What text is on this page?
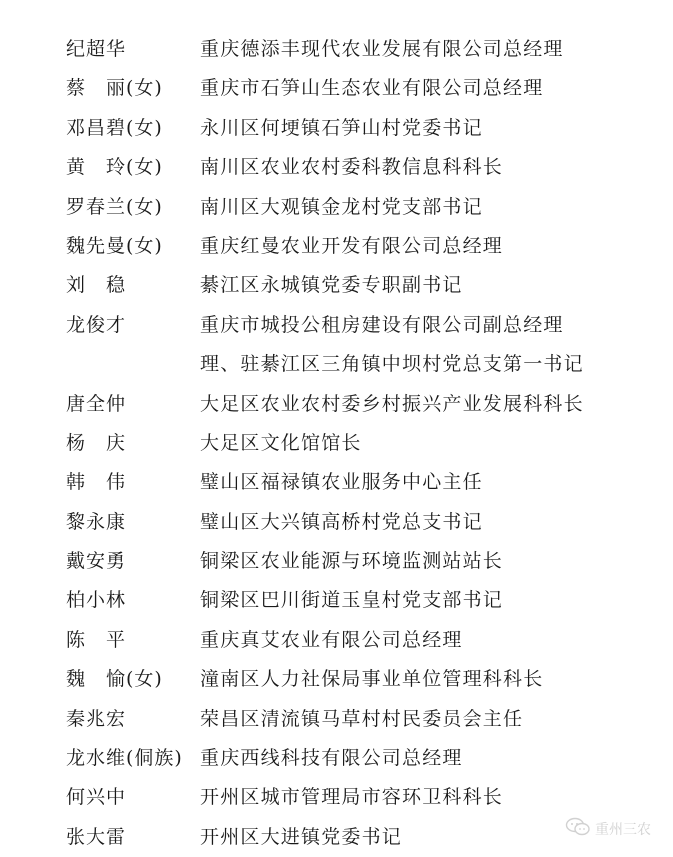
纪超华	重庆德添丰现代农业发展有限公司总经理
蔡　丽(女) 重庆市石笋山生态农业有限公司总经理
邓昌碧(女) 永川区何埂镇石笋山村党委书记
黄　玲(女) 南川区农业农村委科教信息科科长
罗春兰(女) 南川区大观镇金龙村党支部书记
魏先曼(女) 重庆红曼农业开发有限公司总经理
刘　稳	綦江区永城镇党委专职副书记
龙俊才	重庆市城投公租房建设有限公司副总经理
理、驻綦江区三角镇中坝村党总支第一书记
唐全仲	大足区农业农村委乡村振兴产业发展科科长
杨　庆	大足区文化馆馆长
韩　伟	璧山区福禄镇农业服务中心主任
黎永康	璧山区大兴镇高桥村党总支书记
戴安勇	铜梁区农业能源与环境监测站站长
柏小林	铜梁区巴川街道玉皇村党支部书记
陈　平	重庆真艾农业有限公司总经理
魏　愉(女) 潼南区人力社保局事业单位管理科科长
秦兆宏	荣昌区清流镇马草村村民委员会主任
龙水维(侗族) 重庆西线科技有限公司总经理
何兴中	开州区城市管理局市容环卫科科长
张大雷	开州区大进镇党委书记	重州三农
